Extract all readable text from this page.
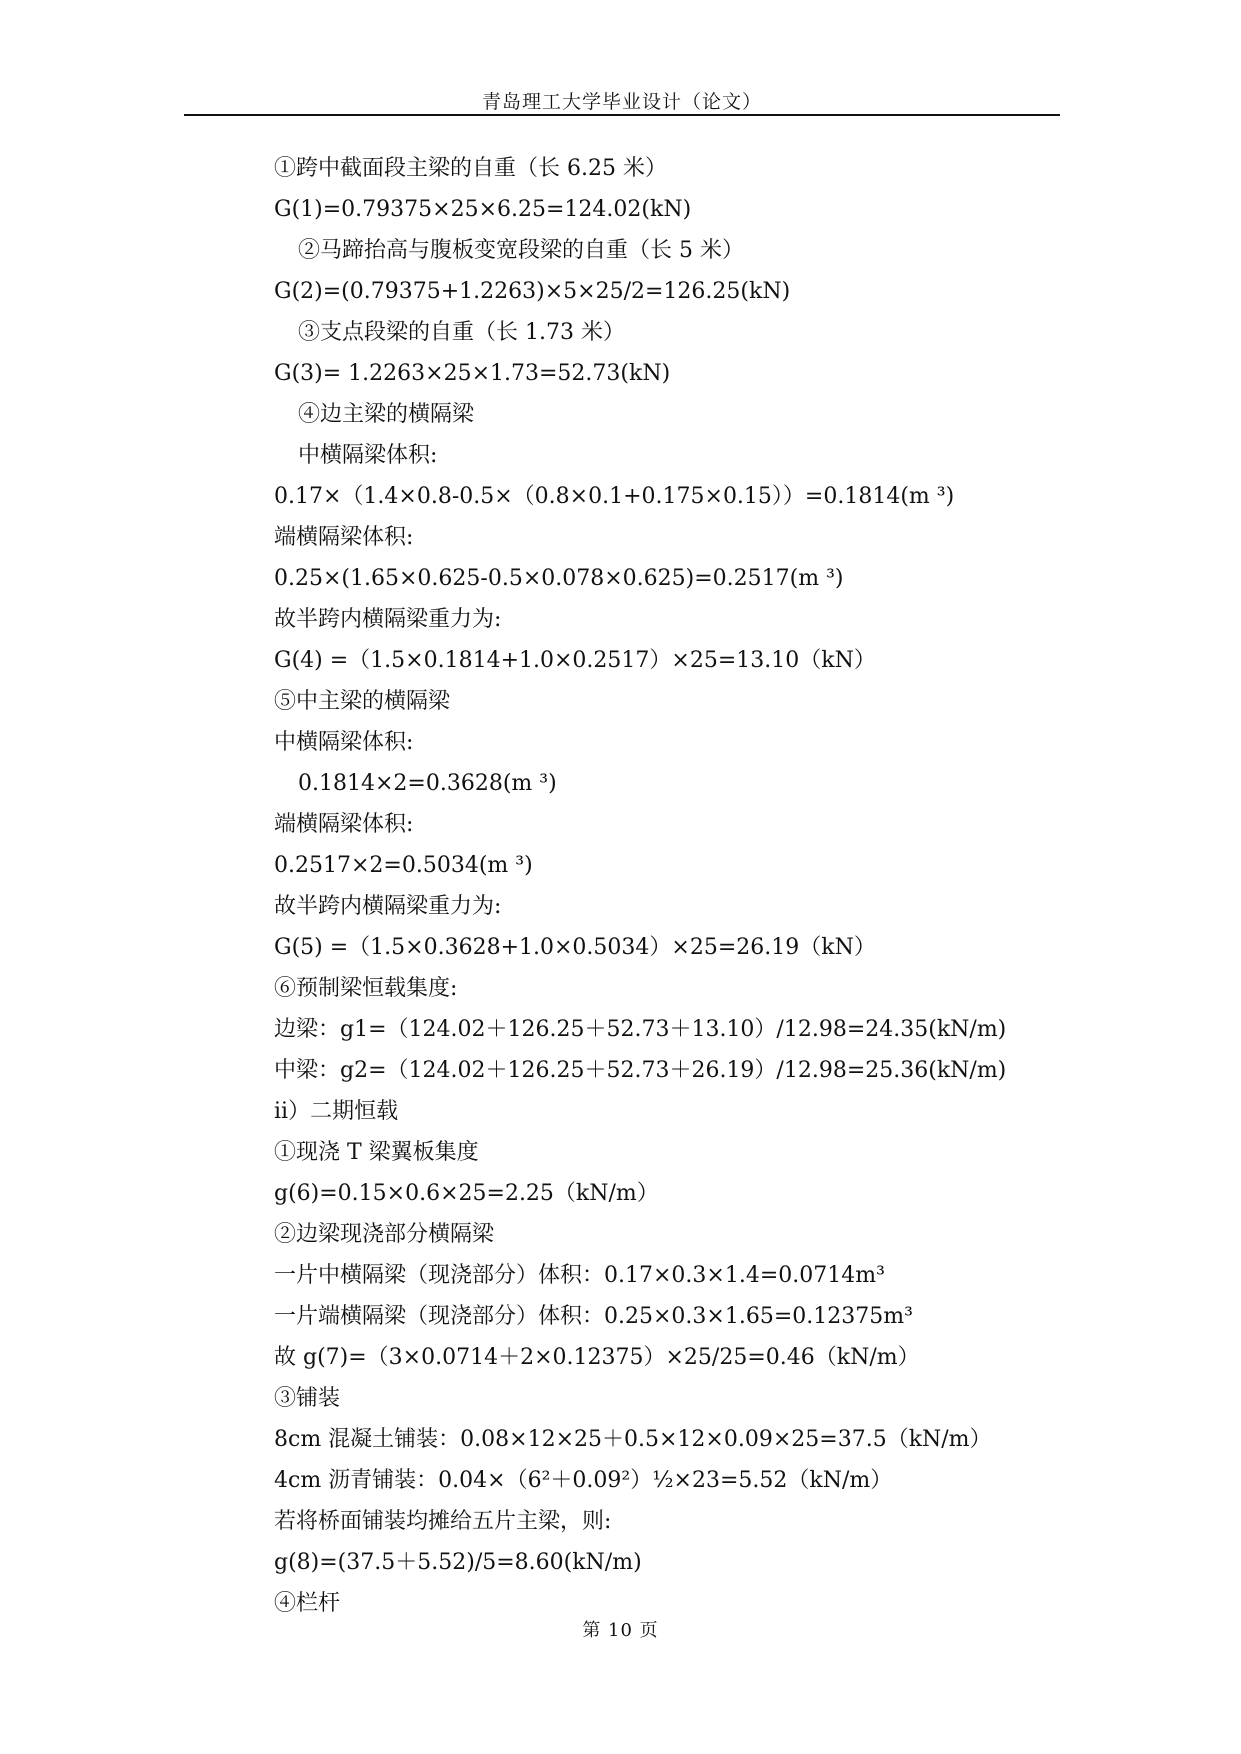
青岛理工大学毕业设计（论文）
①跨中截面段主梁的自重（长 6.25 米）
G(1)=0.79375×25×6.25=124.02(kN)
②马蹄抬高与腹板变宽段梁的自重（长 5 米）
G(2)=(0.79375+1.2263)×5×25/2=126.25(kN)
③支点段梁的自重（长 1.73 米）
G(3)= 1.2263×25×1.73=52.73(kN)
④边主梁的横隔梁
中横隔梁体积:
0.17×（1.4×0.8-0.5×（0.8×0.1+0.175×0.15））=0.1814(m ³)
端横隔梁体积:
0.25×(1.65×0.625-0.5×0.078×0.625)=0.2517(m ³)
故半跨内横隔梁重力为:
G(4) =（1.5×0.1814+1.0×0.2517）×25=13.10（kN）
⑤中主梁的横隔梁
中横隔梁体积:
0.1814×2=0.3628(m ³)
端横隔梁体积:
0.2517×2=0.5034(m ³)
故半跨内横隔梁重力为:
G(5) =（1.5×0.3628+1.0×0.5034）×25=26.19（kN）
⑥预制梁恒载集度:
边梁：g1=（124.02＋126.25＋52.73＋13.10）/12.98=24.35(kN/m)
中梁：g2=（124.02＋126.25＋52.73＋26.19）/12.98=25.36(kN/m)
ii）二期恒载
①现浇 T 梁翼板集度
g(6)=0.15×0.6×25=2.25（kN/m）
②边梁现浇部分横隔梁
一片中横隔梁（现浇部分）体积：0.17×0.3×1.4=0.0714m³
一片端横隔梁（现浇部分）体积：0.25×0.3×1.65=0.12375m³
故 g(7)=（3×0.0714＋2×0.12375）×25/25=0.46（kN/m）
③铺装
8cm 混凝土铺装：0.08×12×25＋0.5×12×0.09×25=37.5（kN/m）
4cm 沥青铺装：0.04×（6²＋0.09²）½×23=5.52（kN/m）
若将桥面铺装均摊给五片主梁，则:
g(8)=(37.5＋5.52)/5=8.60(kN/m)
④栏杆
第 10 页
